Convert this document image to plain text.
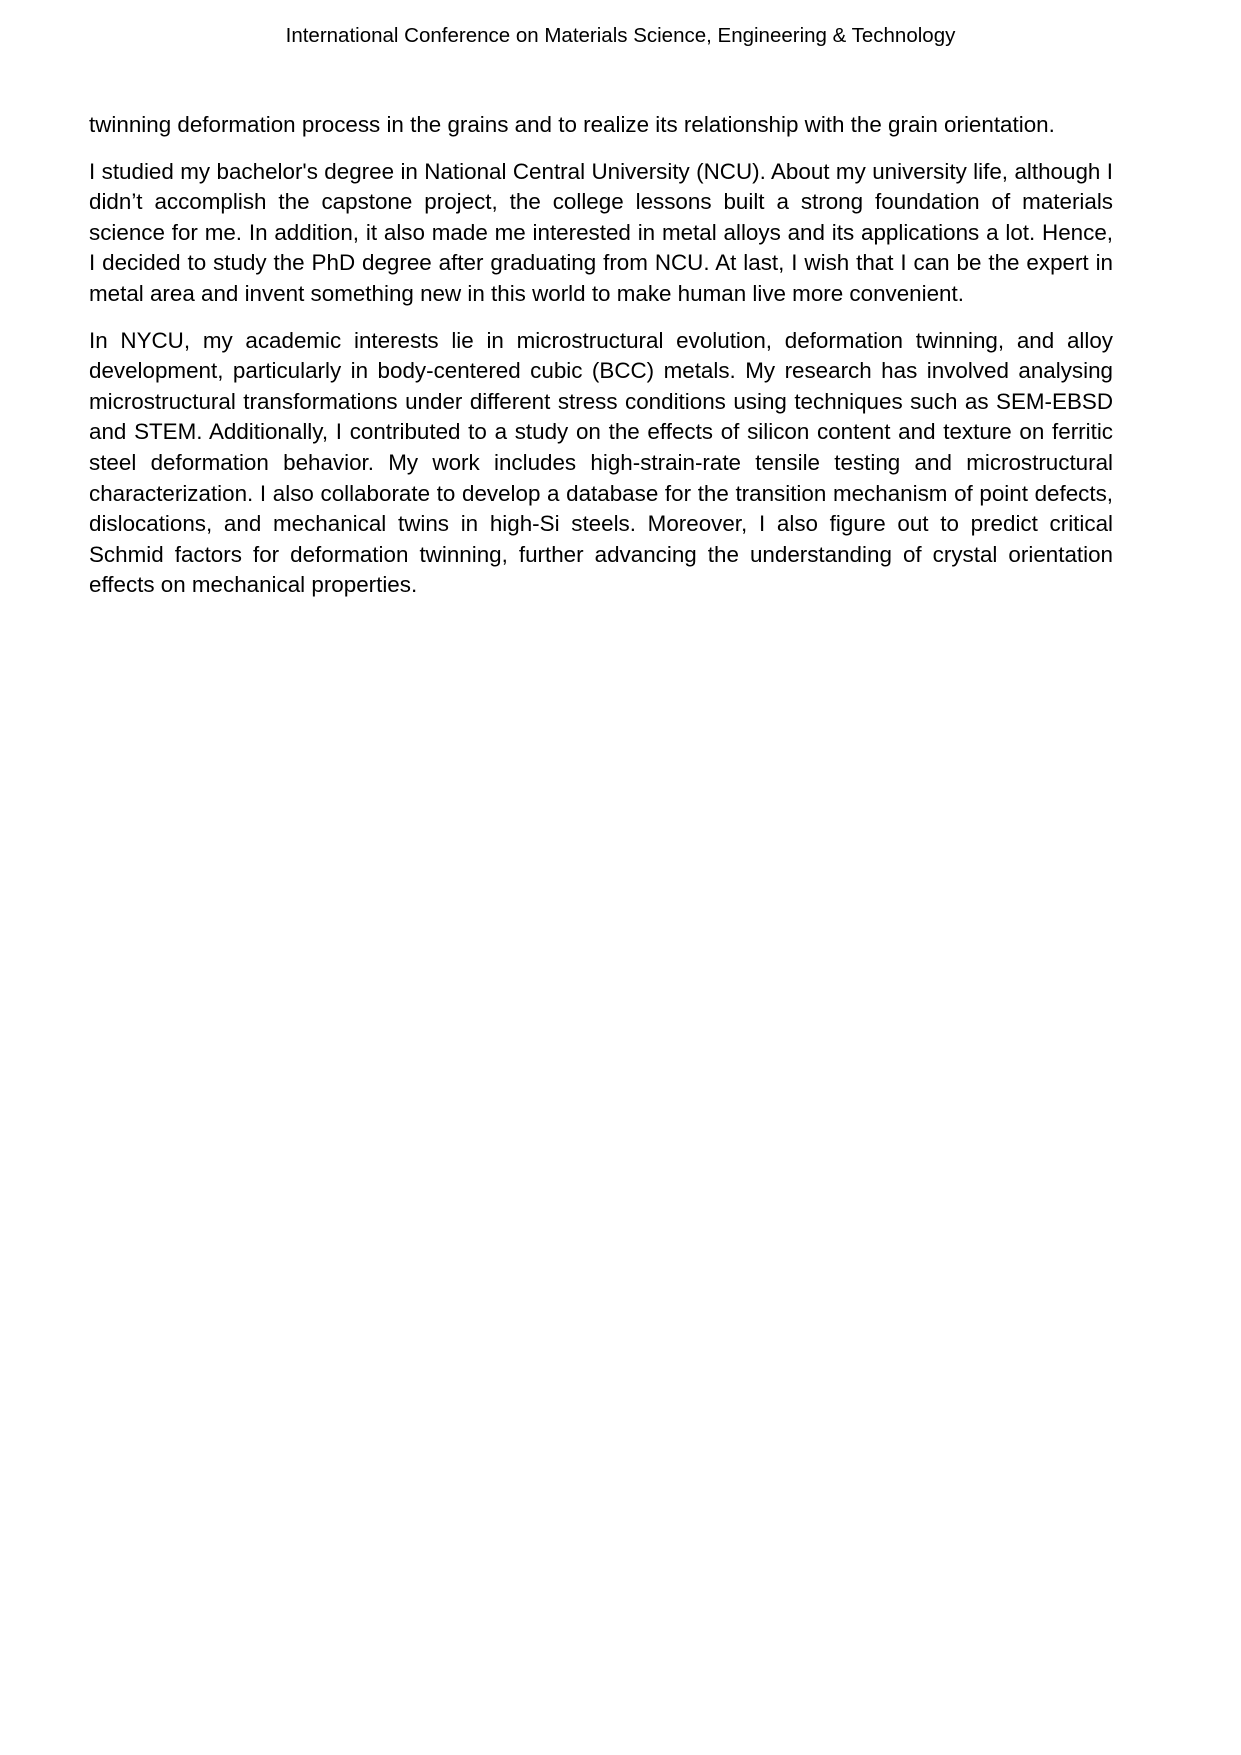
International Conference on Materials Science, Engineering & Technology

twinning deformation process in the grains and to realize its relationship with the grain orientation.

I studied my bachelor's degree in National Central University (NCU). About my university life, although I didn’t accomplish the capstone project, the college lessons built a strong foundation of materials science for me. In addition, it also made me interested in metal alloys and its applications a lot. Hence, I decided to study the PhD degree after graduating from NCU. At last, I wish that I can be the expert in metal area and invent something new in this world to make human live more convenient.

In NYCU, my academic interests lie in microstructural evolution, deformation twinning, and alloy development, particularly in body-centered cubic (BCC) metals. My research has involved analysing microstructural transformations under different stress conditions using techniques such as SEM-EBSD and STEM. Additionally, I contributed to a study on the effects of silicon content and texture on ferritic steel deformation behavior. My work includes high-strain-rate tensile testing and microstructural characterization. I also collaborate to develop a database for the transition mechanism of point defects, dislocations, and mechanical twins in high-Si steels. Moreover, I also figure out to predict critical Schmid factors for deformation twinning, further advancing the understanding of crystal orientation effects on mechanical properties.
